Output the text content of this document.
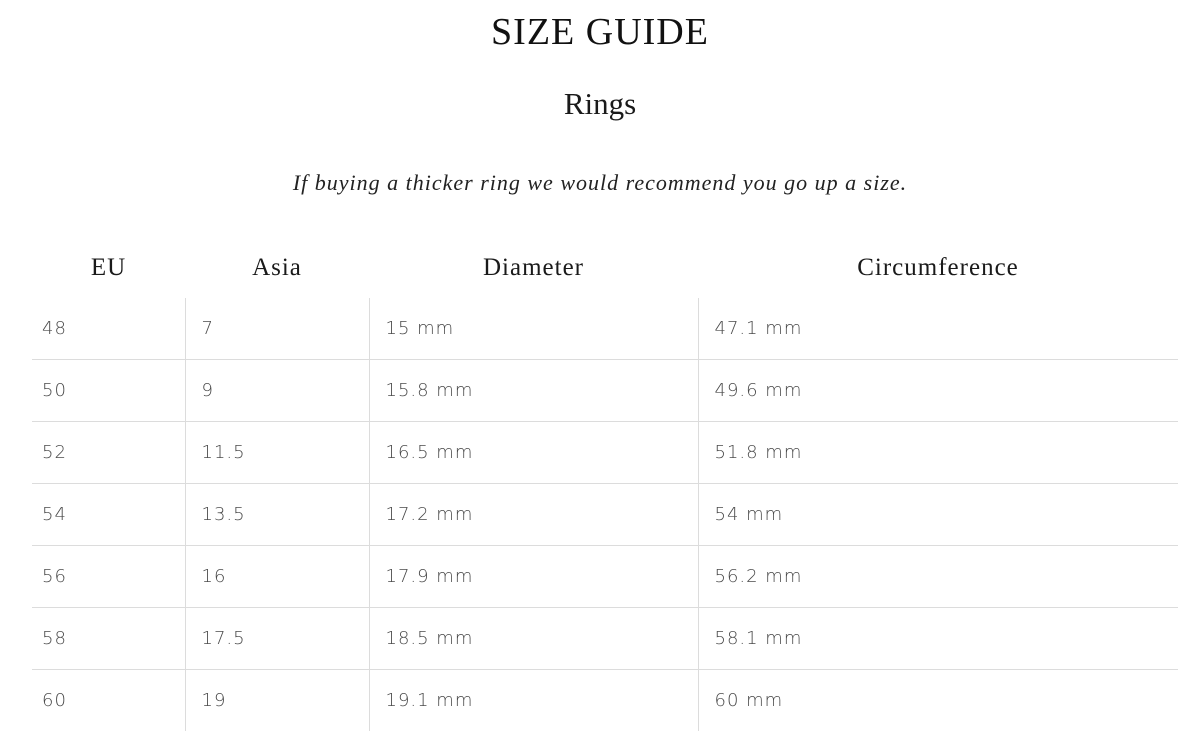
SIZE GUIDE
Rings

If buying a thicker ring we would recommend you go up a size.

EU	Asia	Diameter	Circumference
48	7	15 mm	47.1 mm
50	9	15.8 mm	49.6 mm
52	11.5	16.5 mm	51.8 mm
54	13.5	17.2 mm	54 mm
56	16	17.9 mm	56.2 mm
58	17.5	18.5 mm	58.1 mm
60	19	19.1 mm	60 mm
